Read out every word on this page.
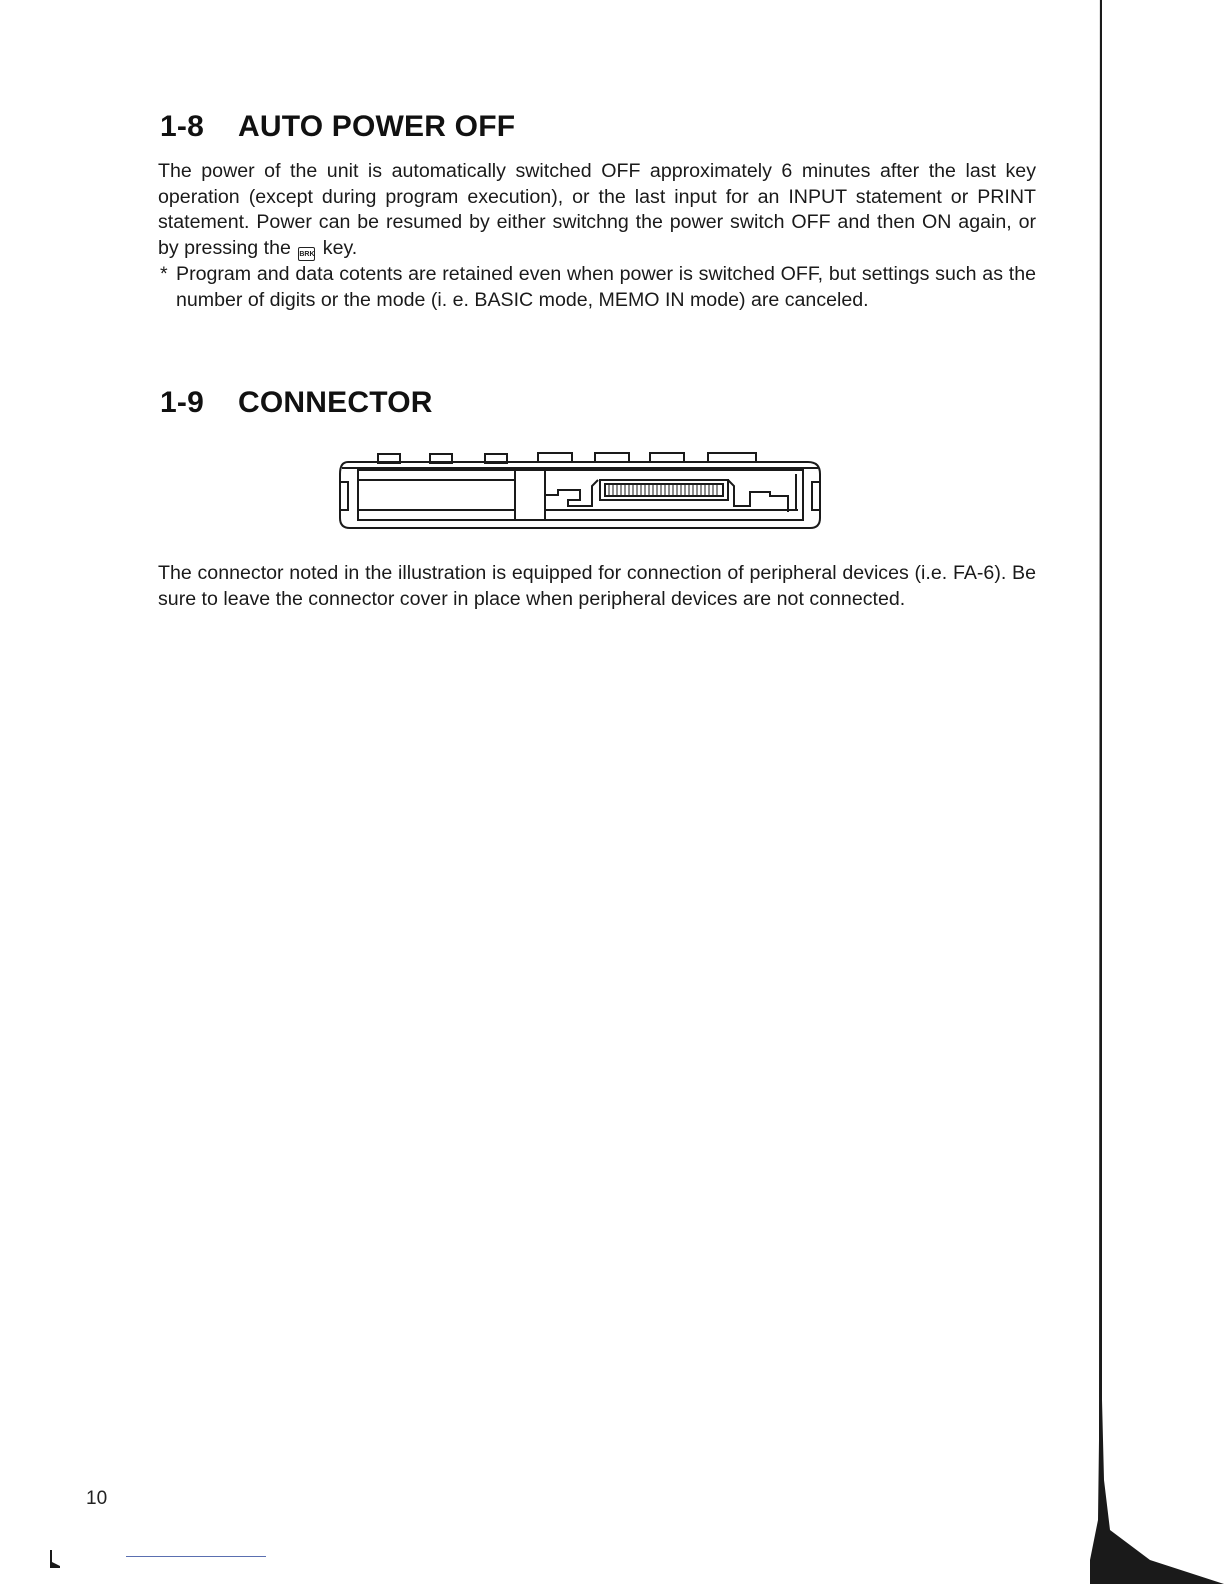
1-8 AUTO POWER OFF

The power of the unit is automatically switched OFF approximately 6 minutes after the last key operation (except during program execution), or the last input for an INPUT statement or PRINT statement. Power can be resumed by either switchng the power switch OFF and then ON again, or by pressing the BRK key.

* Program and data cotents are retained even when power is switched OFF, but settings such as the number of digits or the mode (i. e. BASIC mode, MEMO IN mode) are canceled.
1-9 CONNECTOR

The connector noted in the illustration is equipped for connection of peripheral devices (i.e. FA-6). Be sure to leave the connector cover in place when peripheral devices are not connected.

10
